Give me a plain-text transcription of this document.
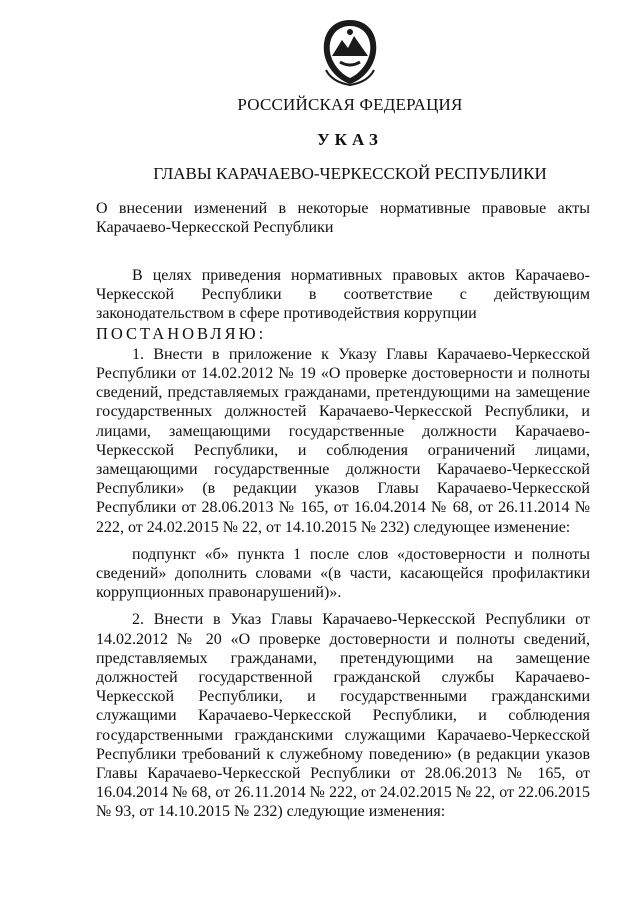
РОССИЙСКАЯ ФЕДЕРАЦИЯ
УКАЗ
ГЛАВЫ КАРАЧАЕВО-ЧЕРКЕССКОЙ РЕСПУБЛИКИ
О внесении изменений в некоторые нормативные правовые акты Карачаево-Черкесской Республики

В целях приведения нормативных правовых актов Карачаево-Черкесской Республики в соответствие с действующим законодательством в сфере противодействия коррупции

ПОСТАНОВЛЯЮ:

1. Внести в приложение к Указу Главы Карачаево-Черкесской Республики от 14.02.2012 № 19 «О проверке достоверности и полноты сведений, представляемых гражданами, претендующими на замещение государственных должностей Карачаево-Черкесской Республики, и лицами, замещающими государственные должности Карачаево-Черкесской Республики, и соблюдения ограничений лицами, замещающими государственные должности Карачаево-Черкесской Республики» (в редакции указов Главы Карачаево-Черкесской Республики от 28.06.2013 № 165, от 16.04.2014 № 68, от 26.11.2014 № 222, от 24.02.2015 № 22, от 14.10.2015 № 232) следующее изменение:

подпункт «б» пункта 1 после слов «достоверности и полноты сведений» дополнить словами «(в части, касающейся профилактики коррупционных правонарушений)».

2. Внести в Указ Главы Карачаево-Черкесской Республики от 14.02.2012 № 20 «О проверке достоверности и полноты сведений, представляемых гражданами, претендующими на замещение должностей государственной гражданской службы Карачаево-Черкесской Республики, и государственными гражданскими служащими Карачаево-Черкесской Республики, и соблюдения государственными гражданскими служащими Карачаево-Черкесской Республики требований к служебному поведению» (в редакции указов Главы Карачаево-Черкесской Республики от 28.06.2013 № 165, от 16.04.2014 № 68, от 26.11.2014 № 222, от 24.02.2015 № 22, от 22.06.2015 № 93, от 14.10.2015 № 232) следующие изменения:
